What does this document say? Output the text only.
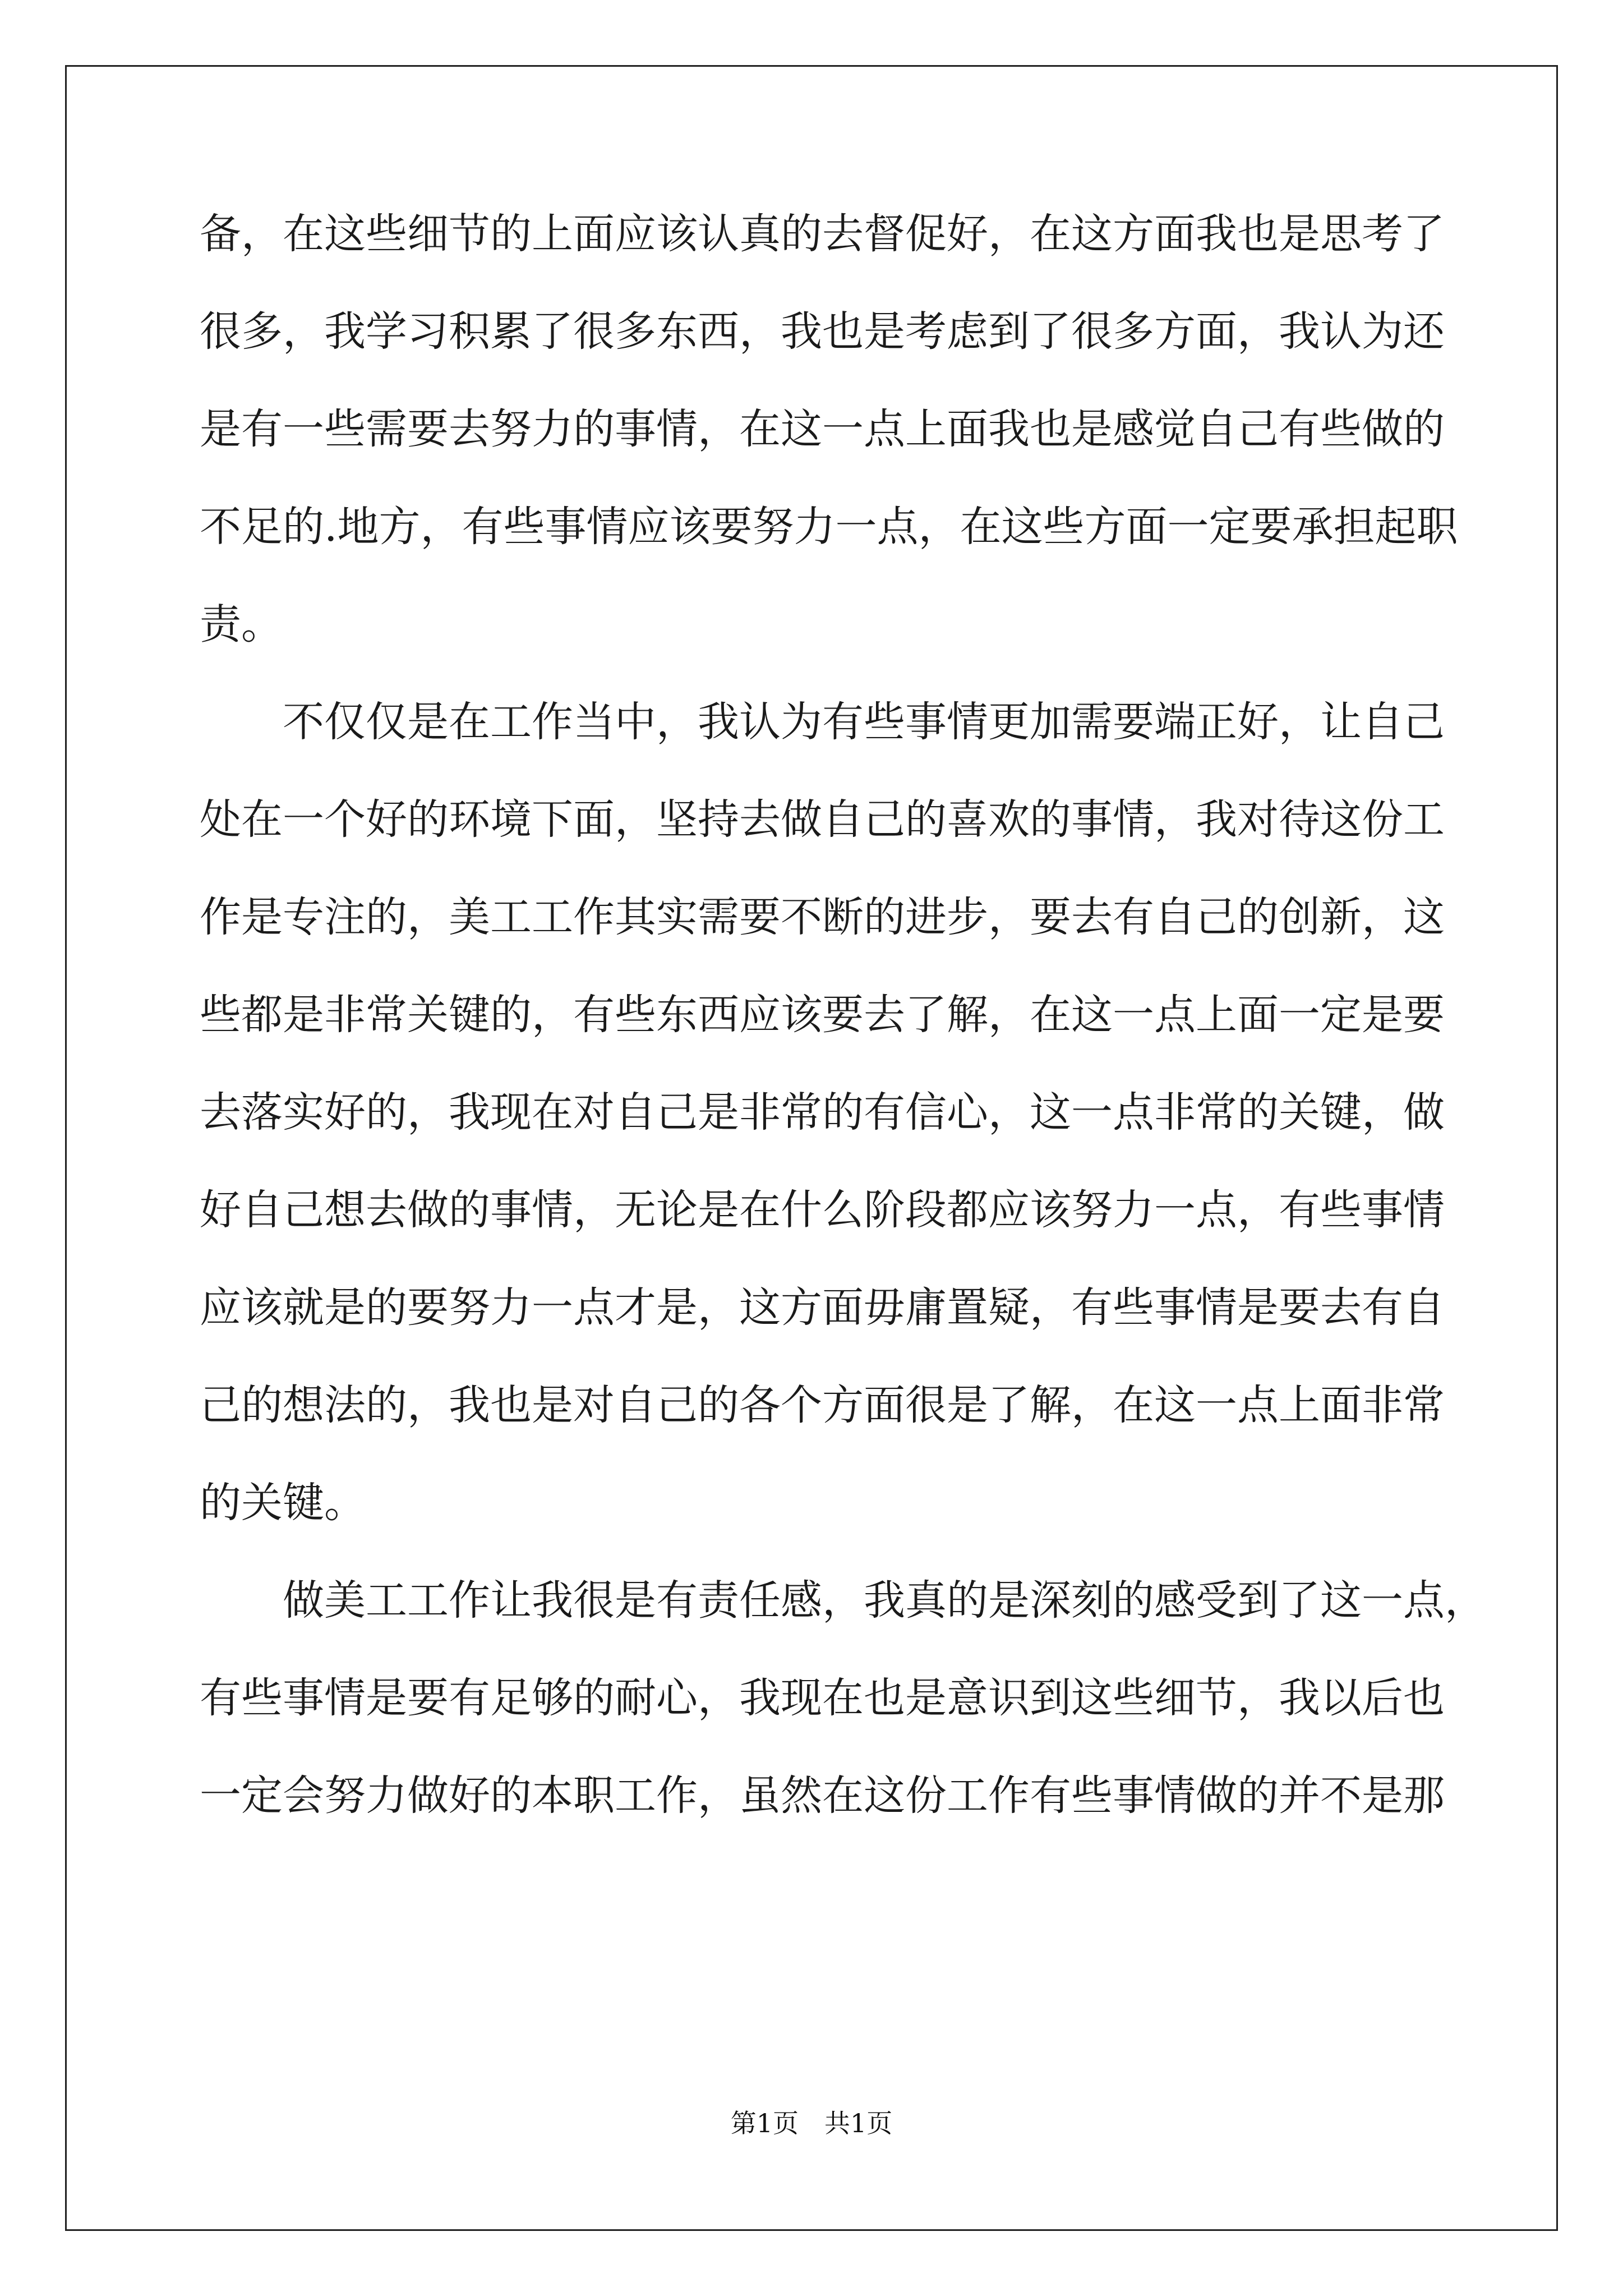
备 ， 在 这 些 细 节 的 上 面 应 该 认 真 的 去 督 促 好 ， 在 这 方 面 我 也 是 思 考 了
很 多 ， 我 学 习 积 累 了 很 多 东 西 ， 我 也 是 考 虑 到 了 很 多 方 面 ， 我 认 为 还
是 有 一 些 需 要 去 努 力 的 事 情 ， 在 这 一 点 上 面 我 也 是 感 觉 自 己 有 些 做 的
不 足 的 . 地 方 ， 有 些 事 情 应 该 要 努 力 一 点 ， 在 这 些 方 面 一 定 要 承 担 起 职
责。

不 仅 仅 是 在 工 作 当 中 ， 我 认 为 有 些 事 情 更 加 需 要 端 正 好 ， 让 自 己
处 在 一 个 好 的 环 境 下 面 ， 坚 持 去 做 自 己 的 喜 欢 的 事 情 ， 我 对 待 这 份 工
作 是 专 注 的 ， 美 工 工 作 其 实 需 要 不 断 的 进 步 ， 要 去 有 自 己 的 创 新 ， 这
些 都 是 非 常 关 键 的 ， 有 些 东 西 应 该 要 去 了 解 ， 在 这 一 点 上 面 一 定 是 要
去 落 实 好 的 ， 我 现 在 对 自 己 是 非 常 的 有 信 心 ， 这 一 点 非 常 的 关 键 ， 做
好 自 己 想 去 做 的 事 情 ， 无 论 是 在 什 么 阶 段 都 应 该 努 力 一 点 ， 有 些 事 情
应 该 就 是 的 要 努 力 一 点 才 是 ， 这 方 面 毋 庸 置 疑 ， 有 些 事 情 是 要 去 有 自
己 的 想 法 的 ， 我 也 是 对 自 己 的 各 个 方 面 很 是 了 解 ， 在 这 一 点 上 面 非 常
的关键。

做 美 工 工 作 让 我 很 是 有 责 任 感 ， 我 真 的 是 深 刻 的 感 受 到 了 这 一 点 ，
有 些 事 情 是 要 有 足 够 的 耐 心 ， 我 现 在 也 是 意 识 到 这 些 细 节 ， 我 以 后 也
一 定 会 努 力 做 好 的 本 职 工 作 ， 虽 然 在 这 份 工 作 有 些 事 情 做 的 并 不 是 那
第1页　共1页
